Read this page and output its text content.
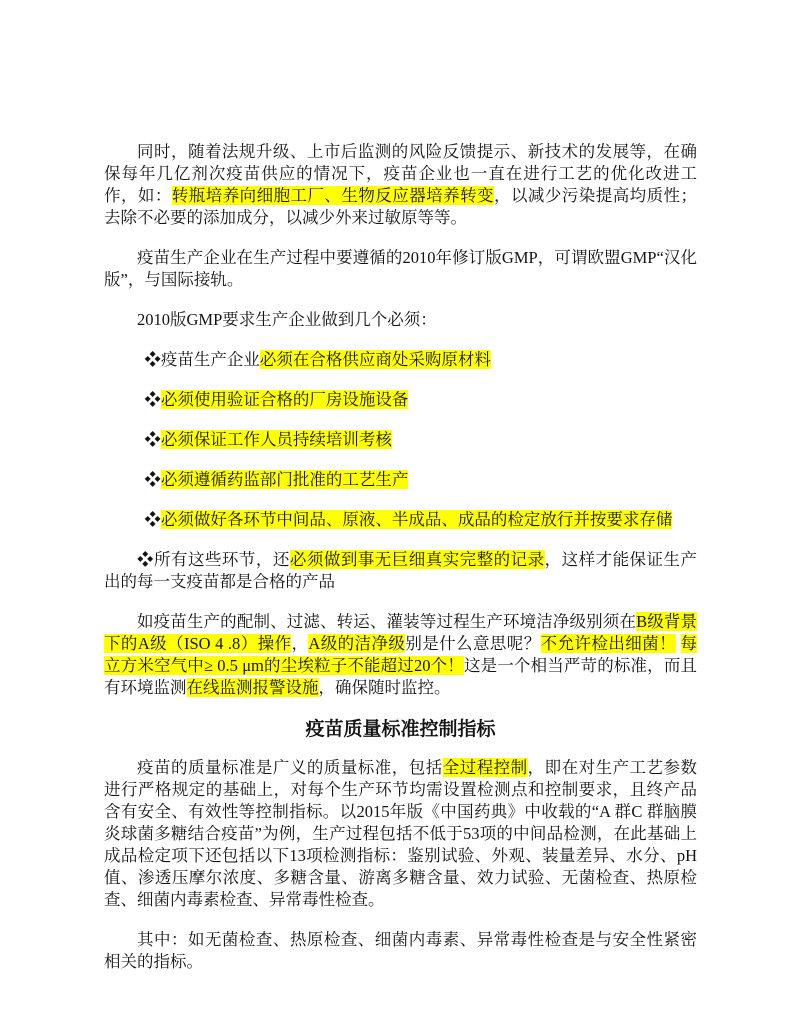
同时，随着法规升级、上市后监测的风险反馈提示、新技术的发展等，在确保每年几亿剂次疫苗供应的情况下，疫苗企业也一直在进行工艺的优化改进工作，如：转瓶培养向细胞工厂、生物反应器培养转变，以减少污染提高均质性；去除不必要的添加成分，以减少外来过敏原等等。

疫苗生产企业在生产过程中要遵循的2010年修订版GMP，可谓欧盟GMP“汉化版”，与国际接轨。

2010版GMP要求生产企业做到几个必须：

❖疫苗生产企业必须在合格供应商处采购原材料

❖必须使用验证合格的厂房设施设备

❖必须保证工作人员持续培训考核

❖必须遵循药监部门批准的工艺生产

❖必须做好各环节中间品、原液、半成品、成品的检定放行并按要求存储

❖所有这些环节，还必须做到事无巨细真实完整的记录，这样才能保证生产出的每一支疫苗都是合格的产品

如疫苗生产的配制、过滤、转运、灌装等过程生产环境洁净级别须在B级背景下的A级（ISO 4 .8）操作，A级的洁净级别是什么意思呢？不允许检出细菌！ 每立方米空气中≥ 0.5 μm的尘埃粒子不能超过20个！这是一个相当严苛的标准，而且有环境监测在线监测报警设施，确保随时监控。

疫苗质量标准控制指标

疫苗的质量标准是广义的质量标准，包括全过程控制，即在对生产工艺参数进行严格规定的基础上，对每个生产环节均需设置检测点和控制要求，且终产品含有安全、有效性等控制指标。以2015年版《中国药典》中收载的“A 群C 群脑膜炎球菌多糖结合疫苗”为例，生产过程包括不低于53项的中间品检测，在此基础上成品检定项下还包括以下13项检测指标：鉴别试验、外观、装量差异、水分、pH值、渗透压摩尔浓度、多糖含量、游离多糖含量、效力试验、无菌检查、热原检查、细菌内毒素检查、异常毒性检查。

其中：如无菌检查、热原检查、细菌内毒素、异常毒性检查是与安全性紧密相关的指标。
